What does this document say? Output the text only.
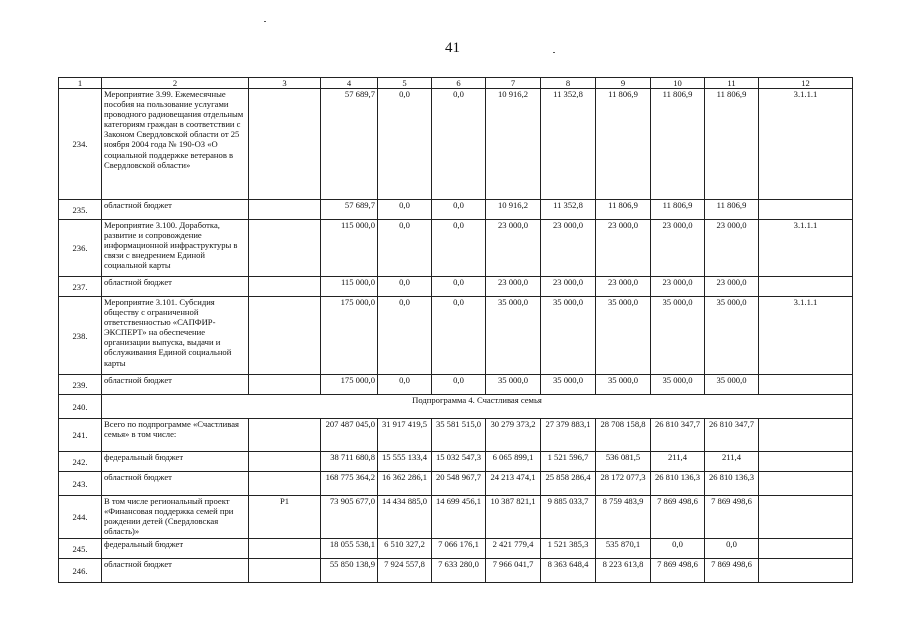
41
1	2	3	4	5	6	7	8	9	10	11	12
234.	Мероприятие 3.99. Ежемесячные пособия на пользование услугами проводного радиовещания отдельным категориям граждан в соответствии с Законом Свердловской области от 25 ноября 2004 года № 190-ОЗ «О социальной поддержке ветеранов в Свердловской области»		57 689,7	0,0	0,0	10 916,2	11 352,8	11 806,9	11 806,9	11 806,9	3.1.1.1
235.	областной бюджет		57 689,7	0,0	0,0	10 916,2	11 352,8	11 806,9	11 806,9	11 806,9	
236.	Мероприятие 3.100. Доработка, развитие и сопровождение информационной инфраструктуры в связи с внедрением Единой социальной карты		115 000,0	0,0	0,0	23 000,0	23 000,0	23 000,0	23 000,0	23 000,0	3.1.1.1
237.	областной бюджет		115 000,0	0,0	0,0	23 000,0	23 000,0	23 000,0	23 000,0	23 000,0	
238.	Мероприятие 3.101. Субсидия обществу с ограниченной ответственностью «САПФИР-ЭКСПЕРТ» на обеспечение организации выпуска, выдачи и обслуживания Единой социальной карты		175 000,0	0,0	0,0	35 000,0	35 000,0	35 000,0	35 000,0	35 000,0	3.1.1.1
239.	областной бюджет		175 000,0	0,0	0,0	35 000,0	35 000,0	35 000,0	35 000,0	35 000,0	
240.	Подпрограмма 4. Счастливая семья										
241.	Всего по подпрограмме «Счастливая семья» в том числе:		207 487 045,0	31 917 419,5	35 581 515,0	30 279 373,2	27 379 883,1	28 708 158,8	26 810 347,7	26 810 347,7	
242.	федеральный бюджет		38 711 680,8	15 555 133,4	15 032 547,3	6 065 899,1	1 521 596,7	536 081,5	211,4	211,4	
243.	областной бюджет		168 775 364,2	16 362 286,1	20 548 967,7	24 213 474,1	25 858 286,4	28 172 077,3	26 810 136,3	26 810 136,3	
244.	В том числе региональный проект «Финансовая поддержка семей при рождении детей (Свердловская область)»	P1	73 905 677,0	14 434 885,0	14 699 456,1	10 387 821,1	9 885 033,7	8 759 483,9	7 869 498,6	7 869 498,6	
245.	федеральный бюджет		18 055 538,1	6 510 327,2	7 066 176,1	2 421 779,4	1 521 385,3	535 870,1	0,0	0,0	
246.	областной бюджет		55 850 138,9	7 924 557,8	7 633 280,0	7 966 041,7	8 363 648,4	8 223 613,8	7 869 498,6	7 869 498,6	
